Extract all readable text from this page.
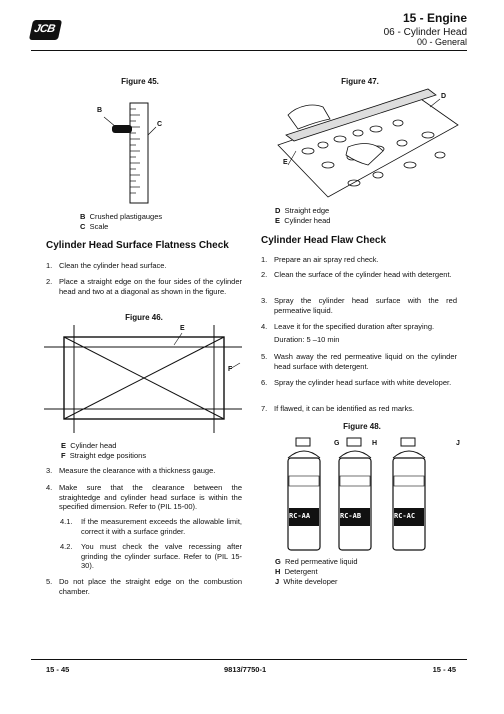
JCB
15 - Engine
06 - Cylinder Head
00 - General
Figure 45.
B
C
B Crushed plastigauges
C Scale
Cylinder Head Surface Flatness Check
1. Clean the cylinder head surface.
2. Place a straight edge on the four sides of the cylinder head and two at a diagonal as shown in the figure.
Figure 46.
E
F
E Cylinder head
F Straight edge positions
3. Measure the clearance with a thickness gauge.
4. Make sure that the clearance between the straightedge and cylinder head surface is within the specified dimension. Refer to (PIL 15-00).
4.1. If the measurement exceeds the allowable limit, correct it with a surface grinder.
4.2. You must check the valve recessing after grinding the cylinder surface. Refer to (PIL 15-30).
5. Do not place the straight edge on the combustion chamber.
Figure 47.
D
E
D Straight edge
E Cylinder head
Cylinder Head Flaw Check
1. Prepare an air spray red check.
2. Clean the surface of the cylinder head with detergent.
3. Spray the cylinder head surface with the red permeative liquid.
4. Leave it for the specified duration after spraying.
Duration: 5 –10 min
5. Wash away the red permeative liquid on the cylinder head surface with detergent.
6. Spray the cylinder head surface with white developer.
7. If flawed, it can be identified as red marks.
Figure 48.
RC-AA	RC-AB	RC-AC
G	H	J
G Red permeative liquid
H Detergent
J White developer
15 - 45	9813/7750-1	15 - 45
